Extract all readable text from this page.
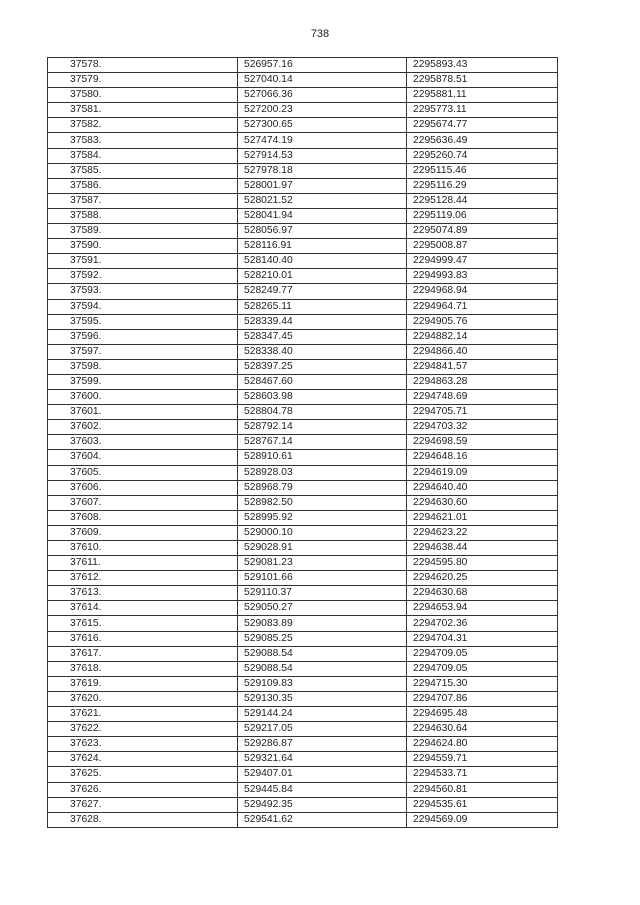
738
37578.	526957.16	2295893.43
37579.	527040.14	2295878.51
37580.	527066.36	2295881.11
37581.	527200.23	2295773.11
37582.	527300.65	2295674.77
37583.	527474.19	2295636.49
37584.	527914.53	2295260.74
37585.	527978.18	2295115.46
37586.	528001.97	2295116.29
37587.	528021.52	2295128.44
37588.	528041.94	2295119.06
37589.	528056.97	2295074.89
37590.	528116.91	2295008.87
37591.	528140.40	2294999.47
37592.	528210.01	2294993.83
37593.	528249.77	2294968.94
37594.	528265.11	2294964.71
37595.	528339.44	2294905.76
37596.	528347.45	2294882.14
37597.	528338.40	2294866.40
37598.	528397.25	2294841.57
37599.	528467.60	2294863.28
37600.	528603.98	2294748.69
37601.	528804.78	2294705.71
37602.	528792.14	2294703.32
37603.	528767.14	2294698.59
37604.	528910.61	2294648.16
37605.	528928.03	2294619.09
37606.	528968.79	2294640.40
37607.	528982.50	2294630.60
37608.	528995.92	2294621.01
37609.	529000.10	2294623.22
37610.	529028.91	2294638.44
37611.	529081.23	2294595.80
37612.	529101.66	2294620.25
37613.	529110.37	2294630.68
37614.	529050.27	2294653.94
37615.	529083.89	2294702.36
37616.	529085.25	2294704.31
37617.	529088.54	2294709.05
37618.	529088.54	2294709.05
37619.	529109.83	2294715.30
37620.	529130.35	2294707.86
37621.	529144.24	2294695.48
37622.	529217.05	2294630.64
37623.	529286.87	2294624.80
37624.	529321.64	2294559.71
37625.	529407.01	2294533.71
37626.	529445.84	2294560.81
37627.	529492.35	2294535.61
37628.	529541.62	2294569.09
